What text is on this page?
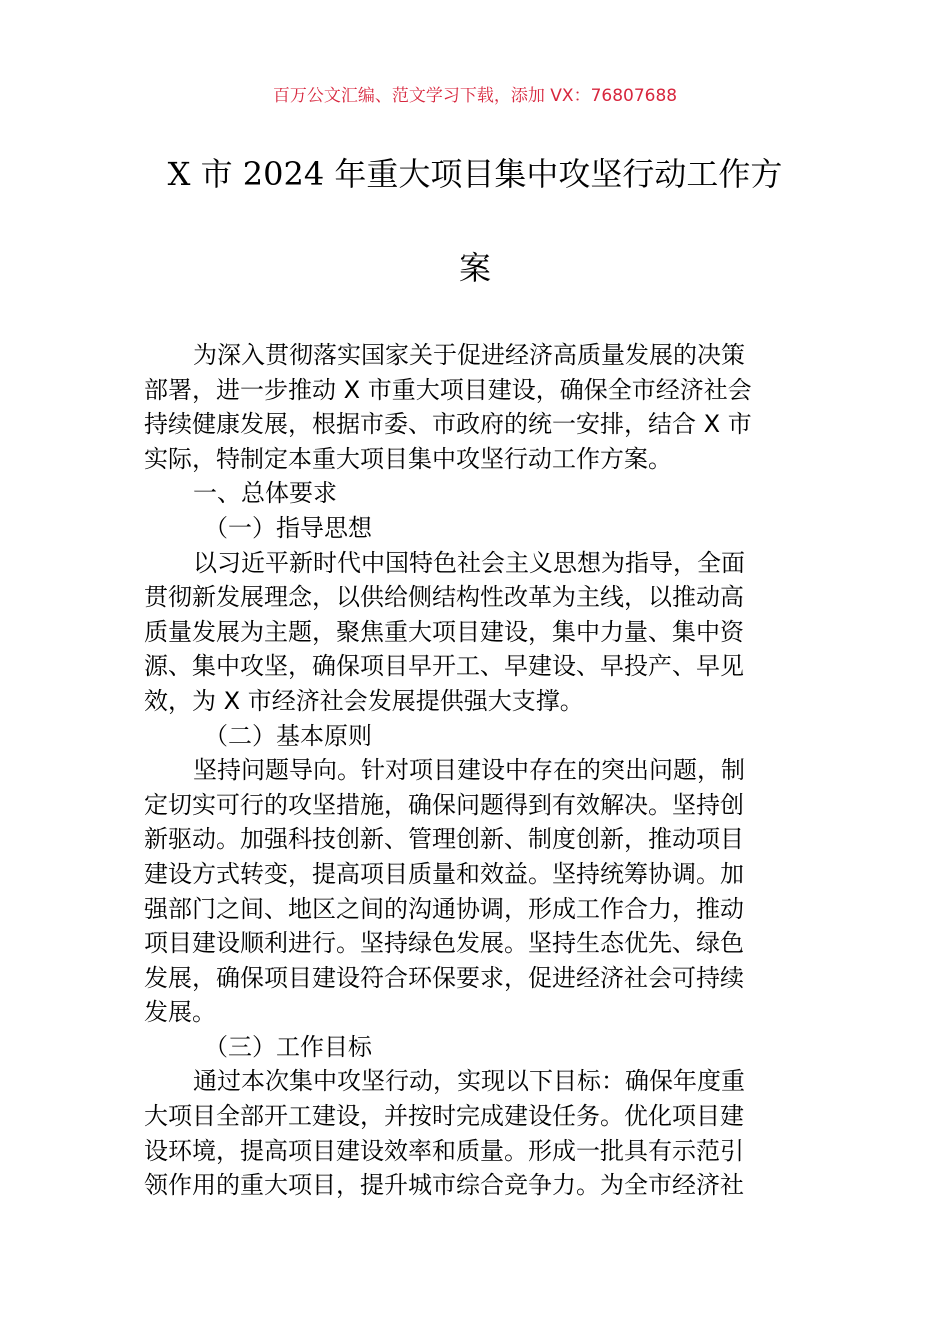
百万公文汇编、范文学习下载，添加 VX：76807688
X 市 2024 年重大项目集中攻坚行动工作方
案
为深入贯彻落实国家关于促进经济高质量发展的决策
部署，进一步推动 X 市重大项目建设，确保全市经济社会
持续健康发展，根据市委、市政府的统一安排，结合 X 市
实际，特制定本重大项目集中攻坚行动工作方案。
一、总体要求
（一）指导思想
以习近平新时代中国特色社会主义思想为指导，全面
贯彻新发展理念，以供给侧结构性改革为主线，以推动高
质量发展为主题，聚焦重大项目建设，集中力量、集中资
源、集中攻坚，确保项目早开工、早建设、早投产、早见
效，为 X 市经济社会发展提供强大支撑。
（二）基本原则
坚持问题导向。针对项目建设中存在的突出问题，制
定切实可行的攻坚措施，确保问题得到有效解决。坚持创
新驱动。加强科技创新、管理创新、制度创新，推动项目
建设方式转变，提高项目质量和效益。坚持统筹协调。加
强部门之间、地区之间的沟通协调，形成工作合力，推动
项目建设顺利进行。坚持绿色发展。坚持生态优先、绿色
发展，确保项目建设符合环保要求，促进经济社会可持续
发展。
（三）工作目标
通过本次集中攻坚行动，实现以下目标：确保年度重
大项目全部开工建设，并按时完成建设任务。优化项目建
设环境，提高项目建设效率和质量。形成一批具有示范引
领作用的重大项目，提升城市综合竞争力。为全市经济社
